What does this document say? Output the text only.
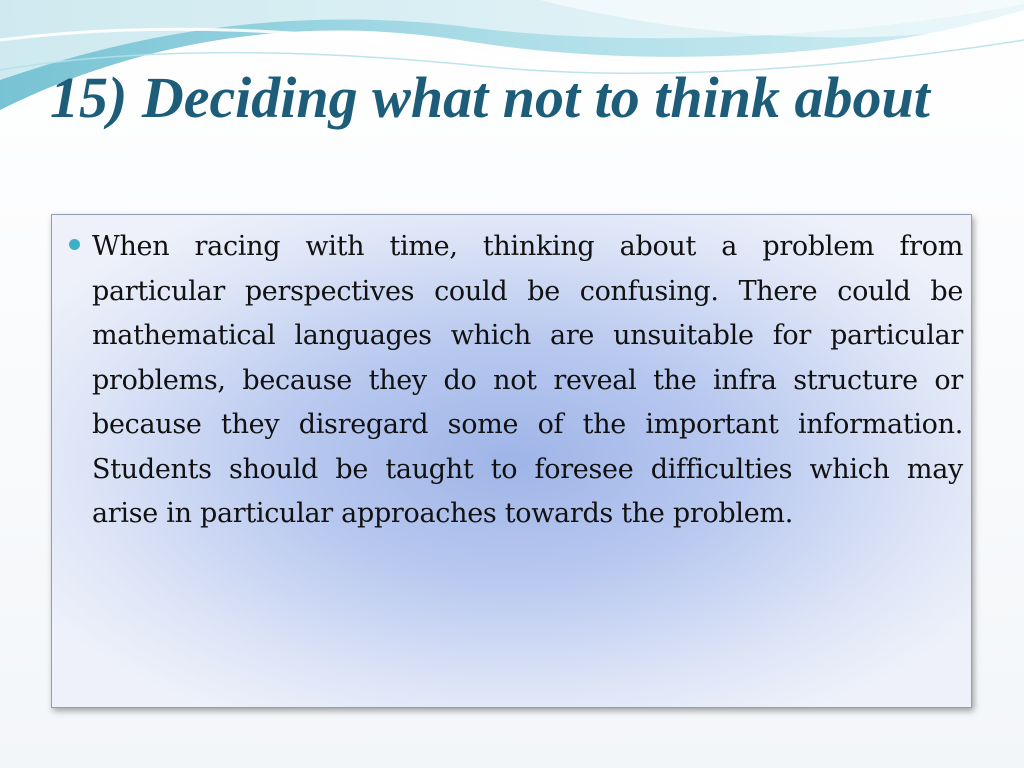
15) Deciding what not to think about
When racing with time, thinking about a problem from particular perspectives could be confusing. There could be mathematical languages which are unsuitable for particular problems, because they do not reveal the infra structure or because they disregard some of the important information. Students should be taught to foresee difficulties which may arise in particular approaches towards the problem.
